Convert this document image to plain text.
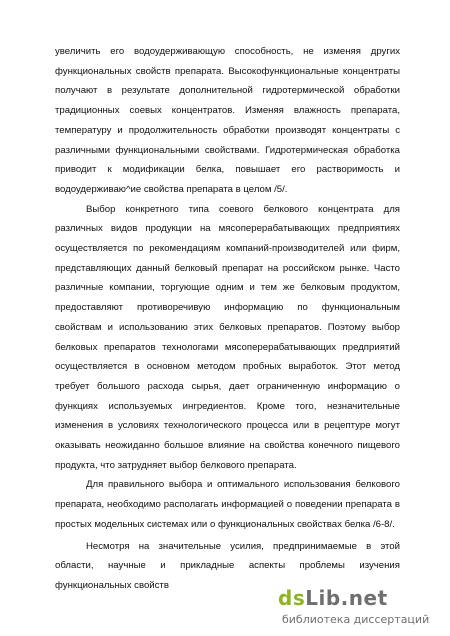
увеличить его водоудерживающую способность, не изменяя других функциональных свойств препарата. Высокофункциональные концентраты получают в результате дополнительной гидротермической обработки традиционных соевых концентратов. Изменяя влажность препарата, температуру и продолжительность обработки производят концентраты с различными функциональными свойствами. Гидротермическая обработка приводит к модификации белка, повышает его растворимость и водоудерживаю^ие свойства препарата в целом /5/.

Выбор конкретного типа соевого белкового концентрата для различных видов продукции на мясоперерабатывающих предприятиях осуществляется по рекомендациям компаний-производителей или фирм, представляющих данный белковый препарат на российском рынке. Часто различные компании, торгующие одним и тем же белковым продуктом, предоставляют противоречивую информацию по функциональным свойствам и использованию этих белковых препаратов. Поэтому выбор белковых препаратов технологами мясоперерабатывающих предприятий осуществляется в основном методом пробных выработок. Этот метод требует большого расхода сырья, дает ограниченную информацию о функциях используемых ингредиентов. Кроме того, незначительные изменения в условиях технологического процесса или в рецептуре могут оказывать неожиданно большое влияние на свойства конечного пищевого продукта, что затрудняет выбор белкового препарата.

Для правильного выбора и оптимального использования белкового препарата, необходимо располагать информацией о поведении препарата в простых модельных системах или о функциональных свойствах белка /6-8/.

Несмотря на значительные усилия, предпринимаемые в этой области, научные и прикладные аспекты проблемы изучения функциональных свойств

dsLib.net
библиотека диссертаций
